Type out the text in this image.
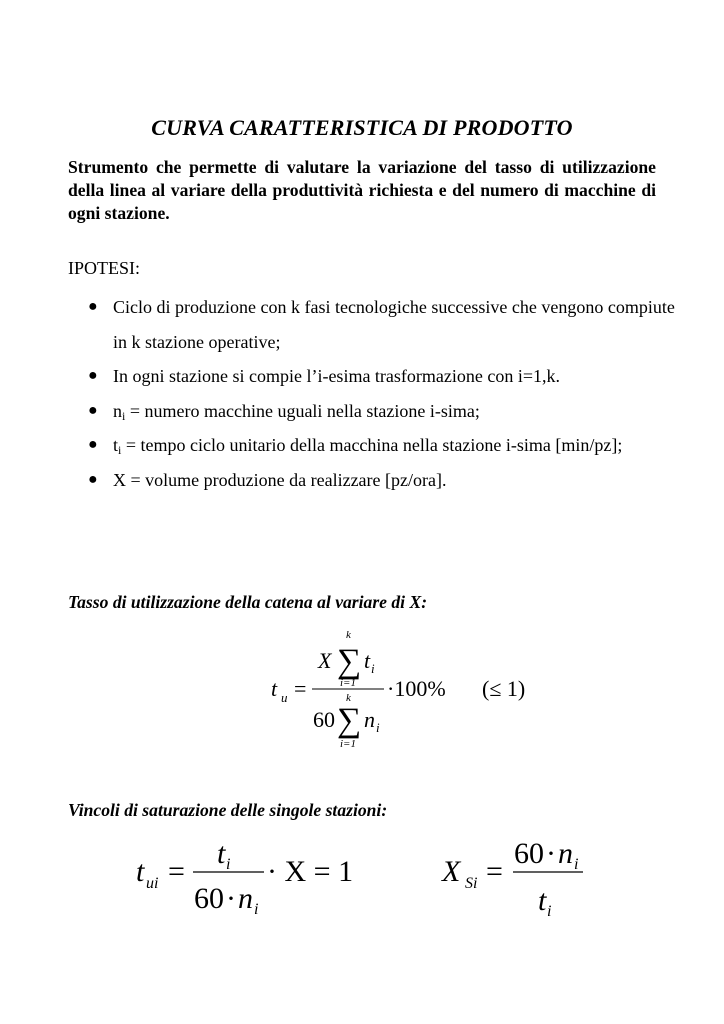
CURVA CARATTERISTICA DI PRODOTTO
Strumento che permette di valutare la variazione del tasso di utilizzazione della linea al variare della produttività richiesta e del numero di macchine di ogni stazione.
IPOTESI:
● Ciclo di produzione con k fasi tecnologiche successive che vengono compiute in k stazione operative;
● In ogni stazione si compie l’i-esima trasformazione con i=1,k.
● $n_i$ = numero macchine uguali nella stazione i-sima;
● $t_i$ = tempo ciclo unitario della macchina nella stazione i-sima [min/pz];
● X = volume produzione da realizzare [pz/ora].
Tasso di utilizzazione della catena al variare di X:
t u =
k
X ∑ t i
i=1
k
60 ∑ n i
i=1
·100% (≤ 1)
Vincoli di saturazione delle singole stazioni:
t ui =
t i
60 · n i
· X = 1	X Si =
60 · n i
t i
